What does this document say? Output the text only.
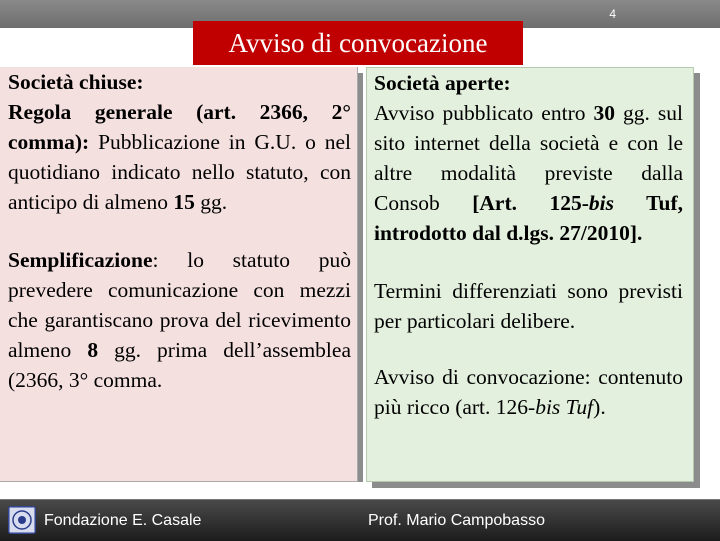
4
Avviso di convocazione

Società chiuse:
Regola generale (art. 2366, 2° comma): Pubblicazione in G.U. o nel quotidiano indicato nello statuto, con anticipo di almeno 15 gg.

Semplificazione: lo statuto può prevedere comunicazione con mezzi che garantiscano prova del ricevimento almeno 8 gg. prima dell’assemblea (2366, 3° comma.

Società aperte:
Avviso pubblicato entro 30 gg. sul sito internet della società e con le altre modalità previste dalla Consob [Art. 125-bis Tuf, introdotto dal d.lgs. 27/2010].

Termini differenziati sono previsti per particolari delibere.

Avviso di convocazione: contenuto più ricco (art. 126-bis Tuf).

Fondazione E. Casale	Prof. Mario Campobasso
